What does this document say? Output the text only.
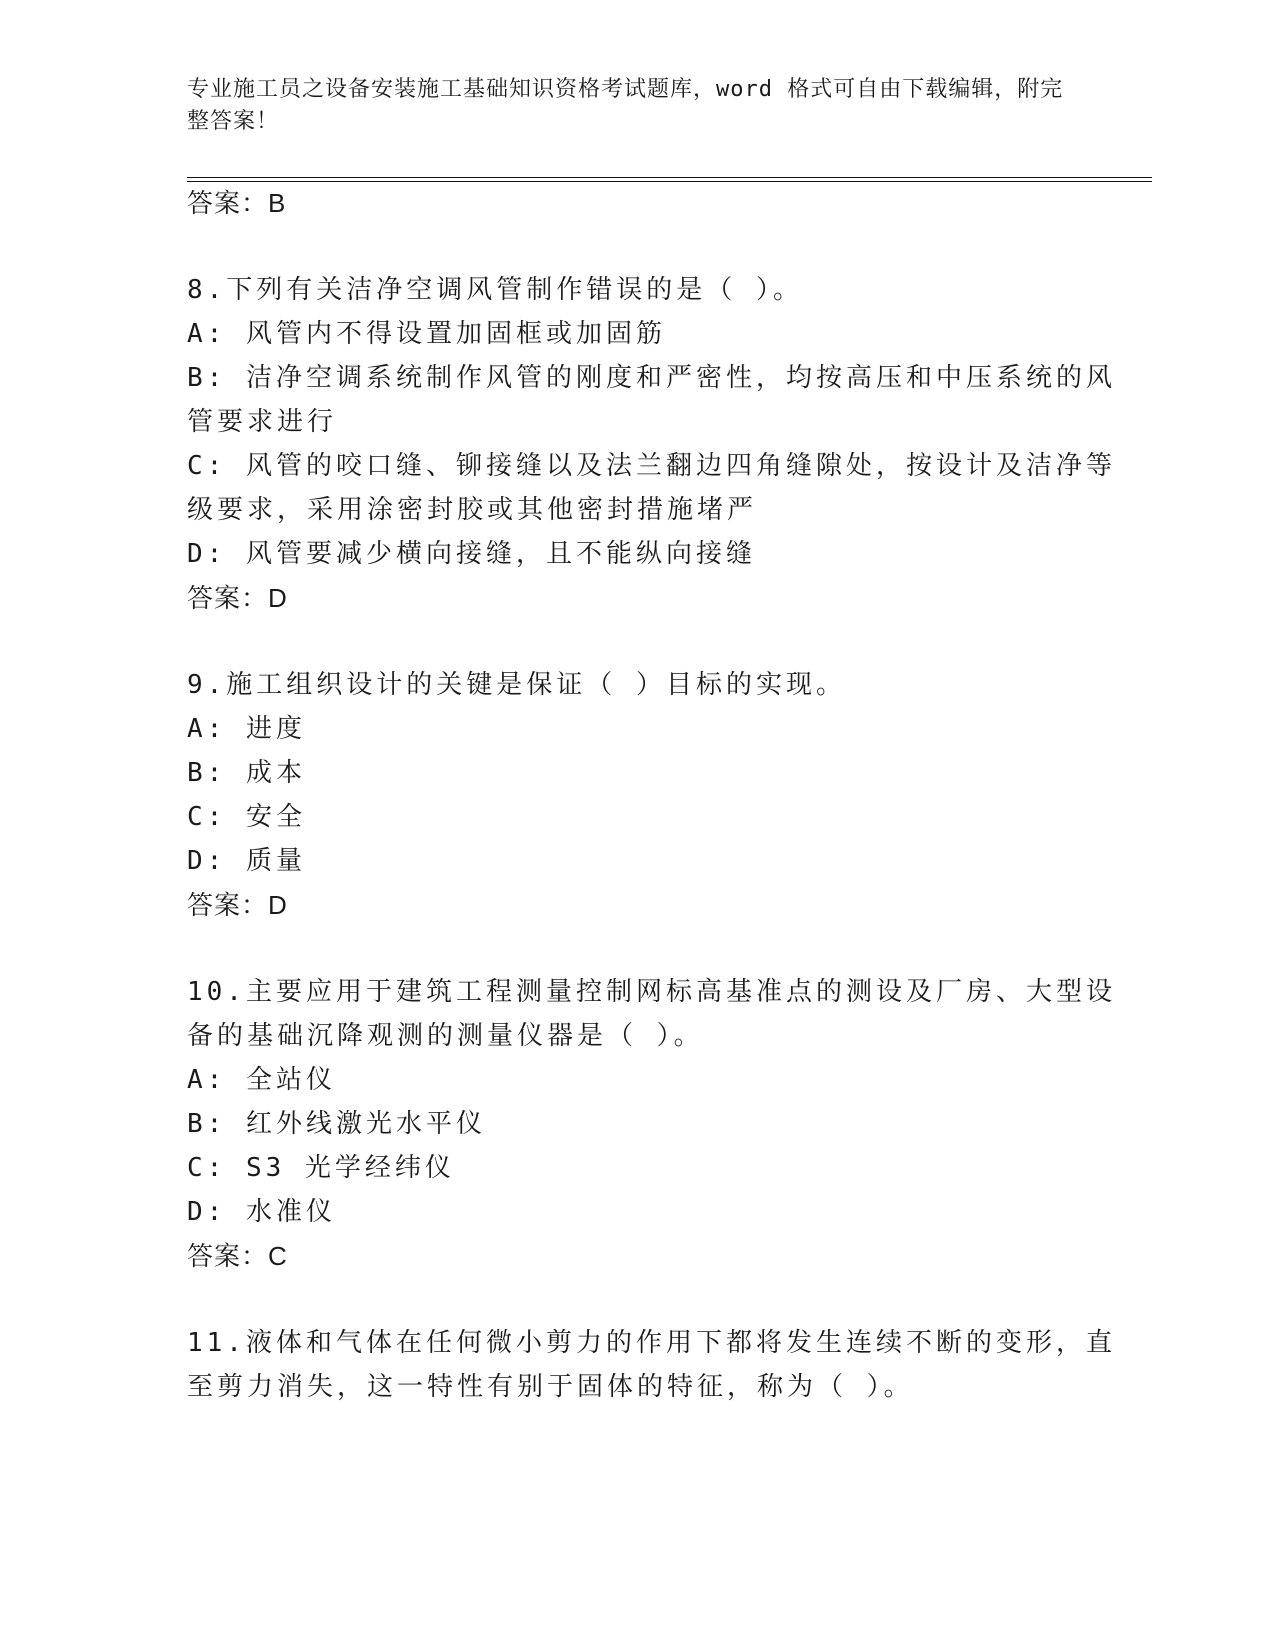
专业施工员之设备安装施工基础知识资格考试题库，word 格式可自由下载编辑，附完整答案！
答案：B
8.下列有关洁净空调风管制作错误的是（ ）。
A: 风管内不得设置加固框或加固筋
B: 洁净空调系统制作风管的刚度和严密性，均按高压和中压系统的风
管要求进行
C: 风管的咬口缝、铆接缝以及法兰翻边四角缝隙处，按设计及洁净等
级要求，采用涂密封胶或其他密封措施堵严
D: 风管要减少横向接缝，且不能纵向接缝
答案：D
9.施工组织设计的关键是保证（ ）目标的实现。
A: 进度
B: 成本
C: 安全
D: 质量
答案：D
10.主要应用于建筑工程测量控制网标高基准点的测设及厂房、大型设
备的基础沉降观测的测量仪器是（ ）。
A: 全站仪
B: 红外线激光水平仪
C: S3 光学经纬仪
D: 水准仪
答案：C
11.液体和气体在任何微小剪力的作用下都将发生连续不断的变形，直
至剪力消失，这一特性有别于固体的特征，称为（ ）。
